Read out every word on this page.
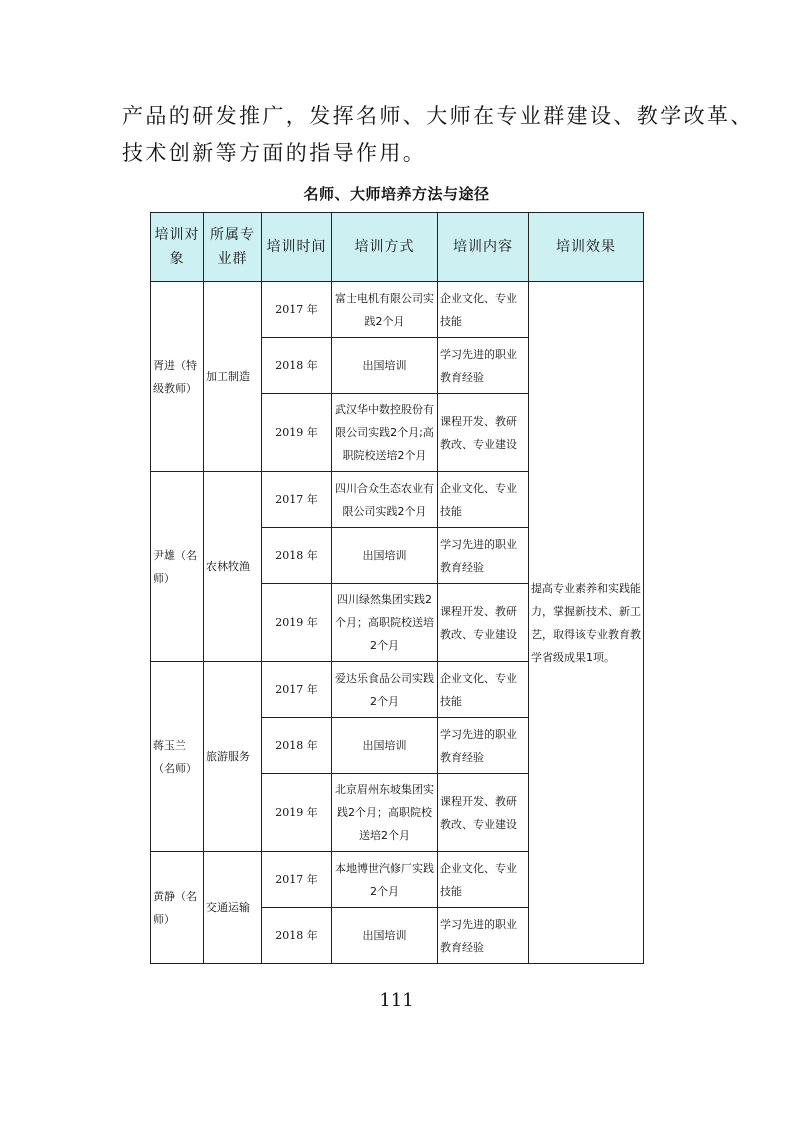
产品的研发推广，发挥名师、大师在专业群建设、教学改革、
技术创新等方面的指导作用。
名师、大师培养方法与途径
培训对象	所属专业群	培训时间	培训方式	培训内容	培训效果
胥进（特级教师）	加工制造	2017 年	富士电机有限公司实践2个月	企业文化、专业技能	提高专业素养和实践能力，掌握新技术、新工艺，取得该专业教育教学省级成果1项。
		2018 年	出国培训	学习先进的职业教育经验	
		2019 年	武汉华中数控股份有限公司实践2个月;高职院校送培2个月	课程开发、教研教改、专业建设	
尹雄（名师）	农林牧渔	2017 年	四川合众生态农业有限公司实践2个月	企业文化、专业技能	
		2018 年	出国培训	学习先进的职业教育经验	
		2019 年	四川绿然集团实践2个月；高职院校送培2个月	课程开发、教研教改、专业建设	
蒋玉兰（名师）	旅游服务	2017 年	爱达乐食品公司实践2个月	企业文化、专业技能	
		2018 年	出国培训	学习先进的职业教育经验	
		2019 年	北京眉州东坡集团实践2个月；高职院校送培2个月	课程开发、教研教改、专业建设	
黄静（名师）	交通运输	2017 年	本地博世汽修厂实践2个月	企业文化、专业技能	
		2018 年	出国培训	学习先进的职业教育经验	
111
